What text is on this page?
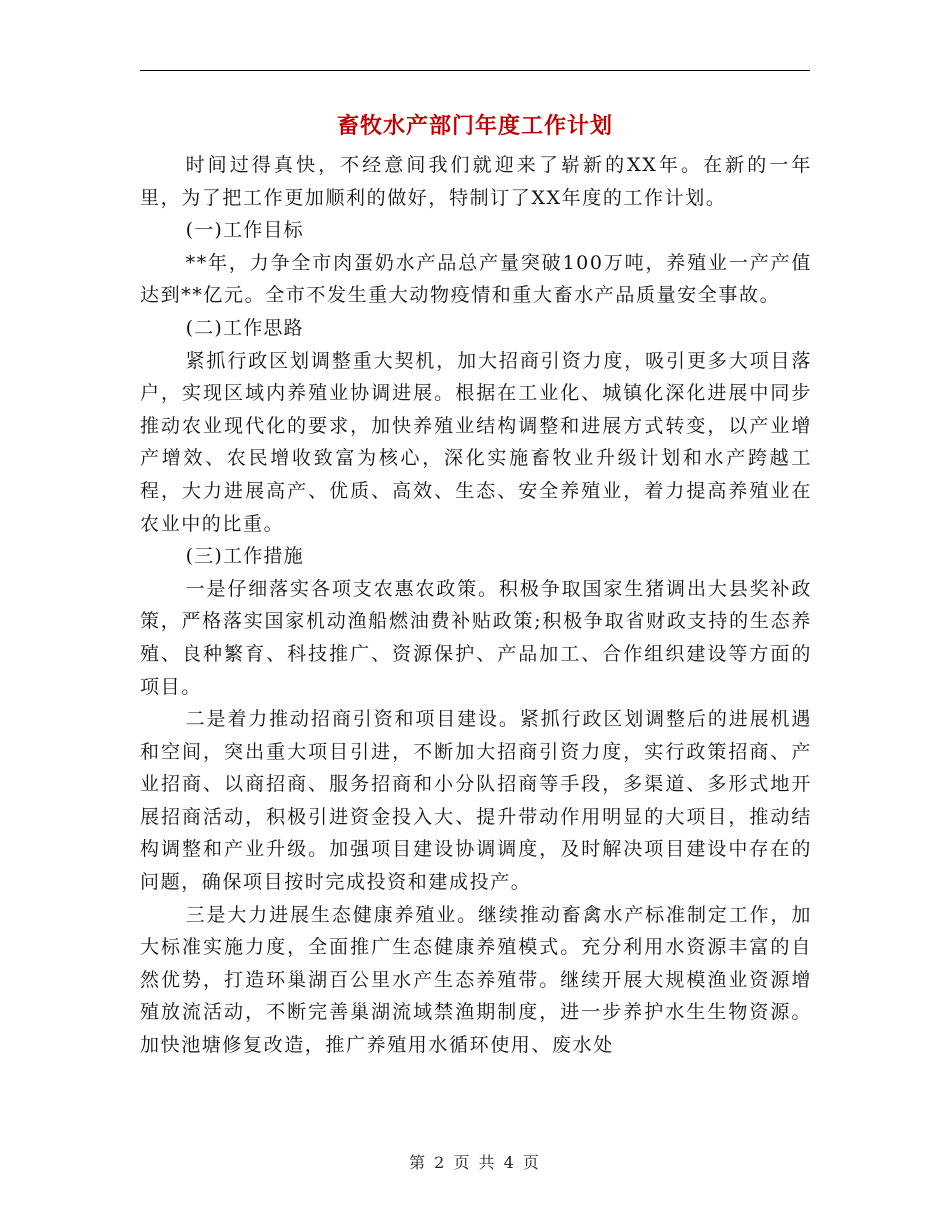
畜牧水产部门年度工作计划

时间过得真快，不经意间我们就迎来了崭新的XX年。在新的一年里，为了把工作更加顺利的做好，特制订了XX年度的工作计划。

(一)工作目标

**年，力争全市肉蛋奶水产品总产量突破100万吨，养殖业一产产值达到**亿元。全市不发生重大动物疫情和重大畜水产品质量安全事故。

(二)工作思路

紧抓行政区划调整重大契机，加大招商引资力度，吸引更多大项目落户，实现区域内养殖业协调进展。根据在工业化、城镇化深化进展中同步推动农业现代化的要求，加快养殖业结构调整和进展方式转变，以产业增产增效、农民增收致富为核心，深化实施畜牧业升级计划和水产跨越工程，大力进展高产、优质、高效、生态、安全养殖业，着力提高养殖业在农业中的比重。

(三)工作措施

一是仔细落实各项支农惠农政策。积极争取国家生猪调出大县奖补政策，严格落实国家机动渔船燃油费补贴政策;积极争取省财政支持的生态养殖、良种繁育、科技推广、资源保护、产品加工、合作组织建设等方面的项目。

二是着力推动招商引资和项目建设。紧抓行政区划调整后的进展机遇和空间，突出重大项目引进，不断加大招商引资力度，实行政策招商、产业招商、以商招商、服务招商和小分队招商等手段，多渠道、多形式地开展招商活动，积极引进资金投入大、提升带动作用明显的大项目，推动结构调整和产业升级。加强项目建设协调调度，及时解决项目建设中存在的问题，确保项目按时完成投资和建成投产。

三是大力进展生态健康养殖业。继续推动畜禽水产标准制定工作，加大标准实施力度，全面推广生态健康养殖模式。充分利用水资源丰富的自然优势，打造环巢湖百公里水产生态养殖带。继续开展大规模渔业资源增殖放流活动，不断完善巢湖流域禁渔期制度，进一步养护水生生物资源。加快池塘修复改造，推广养殖用水循环使用、废水处

第 2 页 共 4 页
